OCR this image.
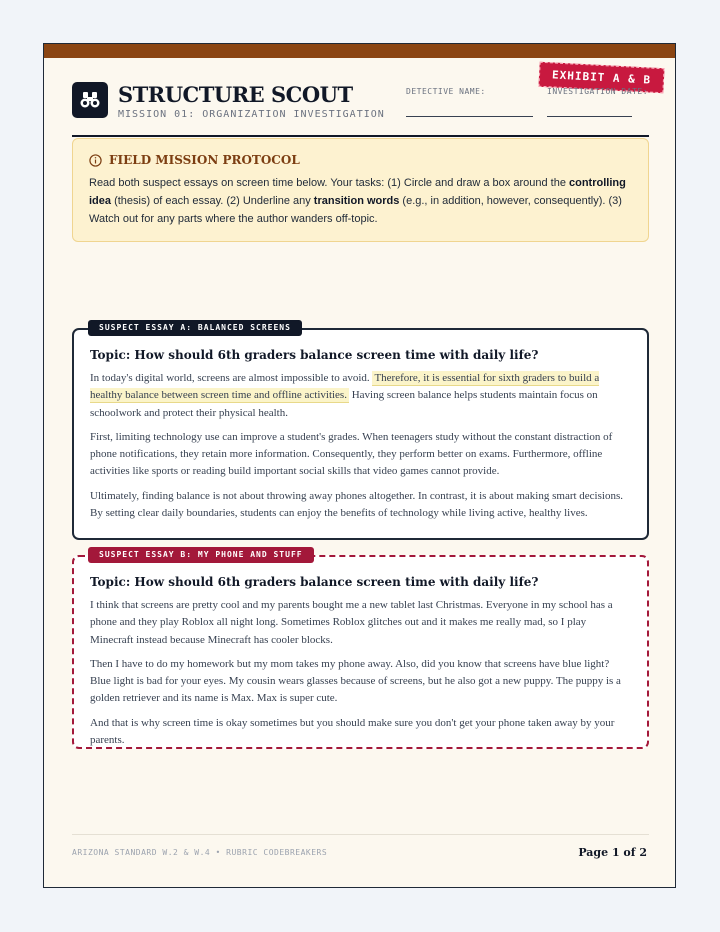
EXHIBIT A & B
STRUCTURE SCOUT
MISSION 01: ORGANIZATION INVESTIGATION
DETECTIVE NAME:	INVESTIGATION DATE:
FIELD MISSION PROTOCOL
Read both suspect essays on screen time below. Your tasks: (1) Circle and draw a box around the controlling idea (thesis) of each essay. (2) Underline any transition words (e.g., in addition, however, consequently). (3) Watch out for any parts where the author wanders off-topic.
SUSPECT ESSAY A: BALANCED SCREENS
Topic: How should 6th graders balance screen time with daily life?

In today's digital world, screens are almost impossible to avoid. Therefore, it is essential for sixth graders to build a healthy balance between screen time and offline activities. Having screen balance helps students maintain focus on schoolwork and protect their physical health.

First, limiting technology use can improve a student's grades. When teenagers study without the constant distraction of phone notifications, they retain more information. Consequently, they perform better on exams. Furthermore, offline activities like sports or reading build important social skills that video games cannot provide.

Ultimately, finding balance is not about throwing away phones altogether. In contrast, it is about making smart decisions. By setting clear daily boundaries, students can enjoy the benefits of technology while living active, healthy lives.

SUSPECT ESSAY B: MY PHONE AND STUFF
Topic: How should 6th graders balance screen time with daily life?

I think that screens are pretty cool and my parents bought me a new tablet last Christmas. Everyone in my school has a phone and they play Roblox all night long. Sometimes Roblox glitches out and it makes me really mad, so I play Minecraft instead because Minecraft has cooler blocks.

Then I have to do my homework but my mom takes my phone away. Also, did you know that screens have blue light? Blue light is bad for your eyes. My cousin wears glasses because of screens, but he also got a new puppy. The puppy is a golden retriever and its name is Max. Max is super cute.

And that is why screen time is okay sometimes but you should make sure you don't get your phone taken away by your parents.

ARIZONA STANDARD W.2 & W.4 • RUBRIC CODEBREAKERS	Page 1 of 2
